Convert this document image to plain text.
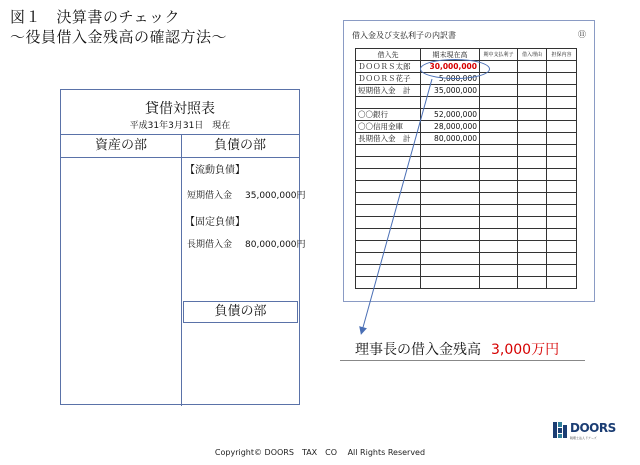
図１　決算書のチェック
〜役員借入金残高の確認方法〜
貸借対照表
平成31年3月31日　現在
資産の部	負債の部
【流動負債】
短期借入金 35,000,000円
【固定負債】
長期借入金 80,000,000円
負債の部
借入金及び支払利子の内訳書	⑪
借入先	期末現在高	期中支払利子	借入理由	担保内容
ＤＯＯＲＳ太郎	30,000,000			
ＤＯＯＲＳ花子	5,000,000			
短期借入金　計	35,000,000			

〇〇銀行	52,000,000			
〇〇信用金庫	28,000,000			
長期借入金　計	80,000,000			

理事長の借入金残高 3,000万円
Copyright© DOORS　TAX　CO　 All Rights Reserved
DOORS
税理士法人ドアーズ
